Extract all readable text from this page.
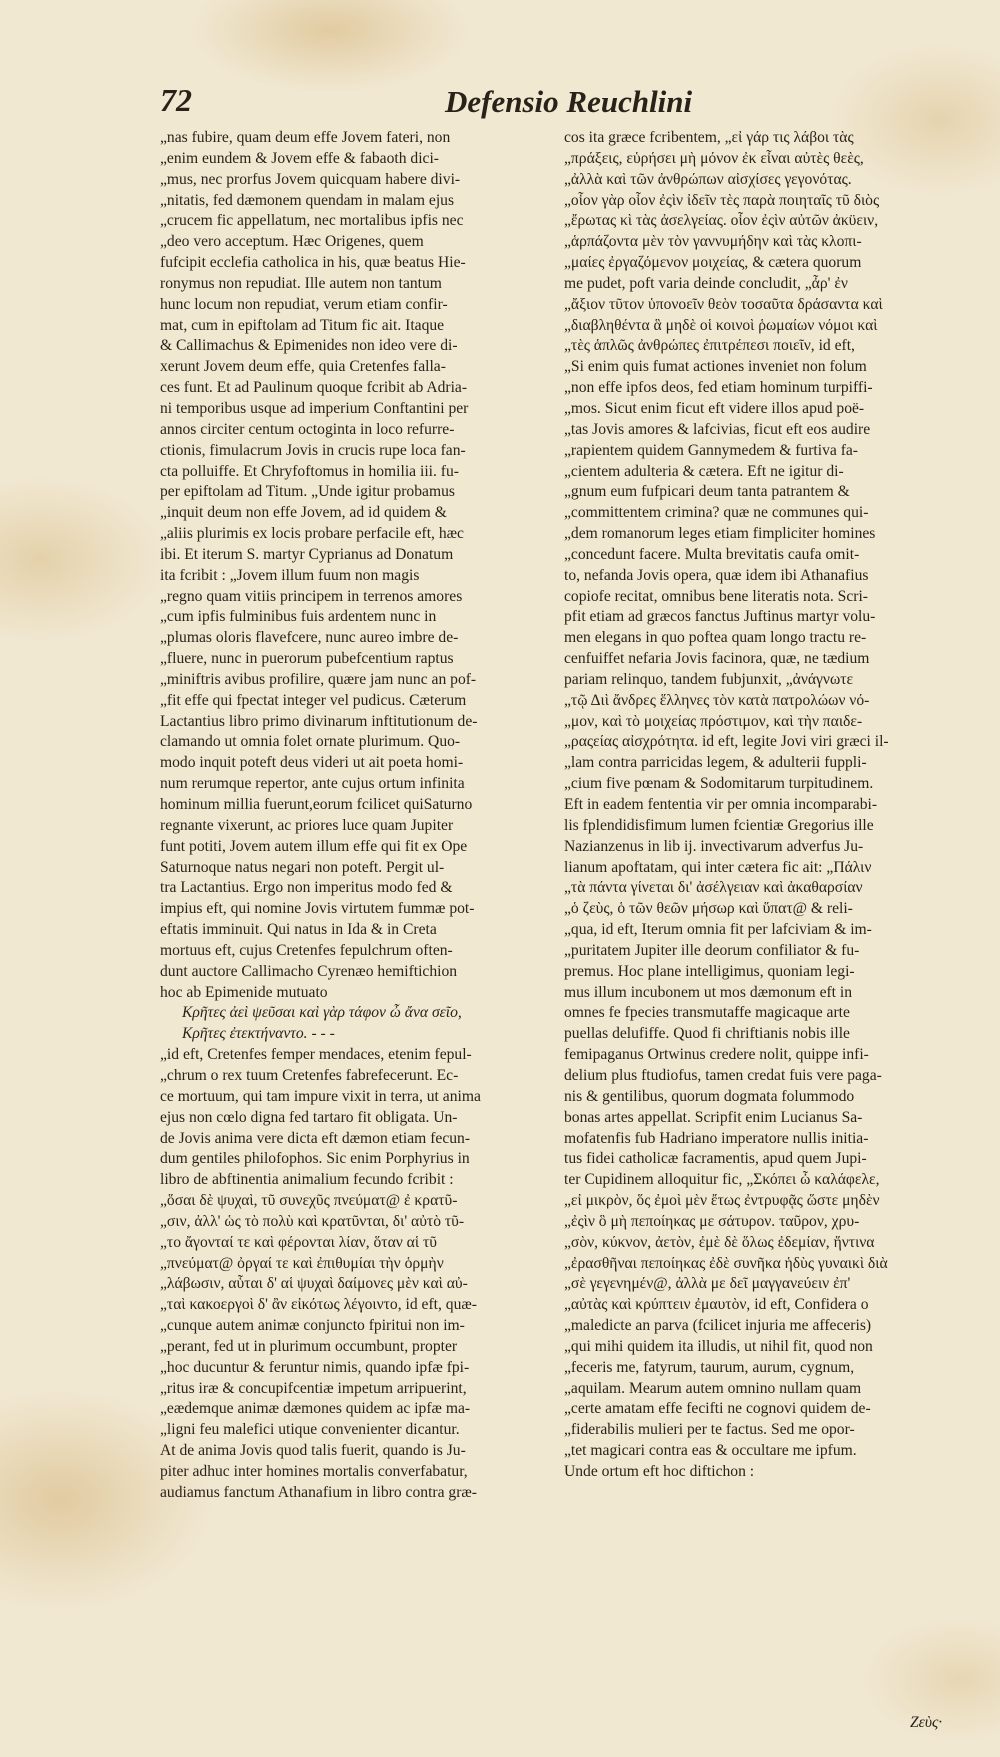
72	Defensio Reuchlini
„nas fubire, quam deum effe Jovem fateri, non
„enim eundem & Jovem effe & fabaoth dici-
„mus, nec prorfus Jovem quicquam habere divi-
„nitatis, fed dæmonem quendam in malam ejus
„crucem fic appellatum, nec mortalibus ipfis nec
„deo vero acceptum. Hæc Origenes, quem
fufcipit ecclefia catholica in his, quæ beatus Hie-
ronymus non repudiat. Ille autem non tantum
hunc locum non repudiat, verum etiam confir-
mat, cum in epiftolam ad Titum fic ait. Itaque
& Callimachus & Epimenides non ideo vere di-
xerunt Jovem deum effe, quia Cretenfes falla-
ces funt. Et ad Paulinum quoque fcribit ab Adria-
ni temporibus usque ad imperium Conftantini per
annos circiter centum octoginta in loco refurre-
ctionis, fimulacrum Jovis in crucis rupe loca fan-
cta polluiffe. Et Chryfoftomus in homilia iii. fu-
per epiftolam ad Titum. „Unde igitur probamus
„inquit deum non effe Jovem, ad id quidem &
„aliis plurimis ex locis probare perfacile eft, hæc
ibi. Et iterum S. martyr Cyprianus ad Donatum
ita fcribit : „Jovem illum fuum non magis
„regno quam vitiis principem in terrenos amores
„cum ipfis fulminibus fuis ardentem nunc in
„plumas oloris flavefcere, nunc aureo imbre de-
„fluere, nunc in puerorum pubefcentium raptus
„miniftris avibus profilire, quære jam nunc an pof-
„fit effe qui fpectat integer vel pudicus. Cæterum
Lactantius libro primo divinarum inftitutionum de-
clamando ut omnia folet ornate plurimum. Quo-
modo inquit poteft deus videri ut ait poeta homi-
num rerumque repertor, ante cujus ortum infinita
hominum millia fuerunt,eorum fcilicet quiSaturno
regnante vixerunt, ac priores luce quam Jupiter
funt potiti, Jovem autem illum effe qui fit ex Ope
Saturnoque natus negari non poteft. Pergit ul-
tra Lactantius. Ergo non imperitus modo fed &
impius eft, qui nomine Jovis virtutem fummæ pot-
eftatis imminuit. Qui natus in Ida & in Creta
mortuus eft, cujus Cretenfes fepulchrum often-
dunt auctore Callimacho Cyrenæo hemiftichion
hoc ab Epimenide mutuato
Κρῆτες ἀεὶ ψεῦσαι καὶ γὰρ τάφον ὦ ἄνα σεῖο,
Κρῆτες ἐτεκτήναντο. - - -
„id eft, Cretenfes femper mendaces, etenim fepul-
„chrum o rex tuum Cretenfes fabrefecerunt. Ec-
ce mortuum, qui tam impure vixit in terra, ut anima
ejus non cœlo digna fed tartaro fit obligata. Un-
de Jovis anima vere dicta eft dæmon etiam fecun-
dum gentiles philofophos. Sic enim Porphyrius in
libro de abftinentia animalium fecundo fcribit :
„ὅσαι δὲ ψυχαὶ, τῦ συνεχῦς πνεύματ@ ἐ κρατῦ-
„σιν, ἀλλ' ὡς τὸ πολὺ καὶ κρατῦνται, δι' αὐτὸ τῦ-
„το ἄγονταί τε καὶ φέρονται λίαν, ὅταν αἱ τῦ
„πνεύματ@ ὀργαί τε καὶ ἐπιθυμίαι τὴν ὁρμὴν
„λάβωσιν, αὗται δ' αἱ ψυχαὶ δαίμονες μὲν καὶ αὐ-
„ταὶ κακοεργοὶ δ' ἂν εἰκότως λέγοιντο, id eft, quæ-
„cunque autem animæ conjuncto fpiritui non im-
„perant, fed ut in plurimum occumbunt, propter
„hoc ducuntur & feruntur nimis, quando ipfæ fpi-
„ritus iræ & concupifcentiæ impetum arripuerint,
„eædemque animæ dæmones quidem ac ipfæ ma-
„ligni feu malefici utique convenienter dicantur.
At de anima Jovis quod talis fuerit, quando is Ju-
piter adhuc inter homines mortalis converfabatur,
audiamus fanctum Athanafium in libro contra græ-
cos ita græce fcribentem, „εἰ γάρ τις λάβοι τὰς
„πράξεις, εὑρήσει μὴ μόνον ἐκ εἶναι αὐτὲς θεὲς,
„ἀλλὰ καὶ τῶν ἀνθρώπων αἰσχίσες γεγονότας.
„οἷον γὰρ οἷον ἐςὶν ἰδεῖν τὲς παρὰ ποιηταῖς τῦ διὸς
„ἔρωτας κὶ τὰς ἀσελγείας. οἷον ἐςὶν αὐτῶν ἀκϋειν,
„ἁρπάζοντα μὲν τὸν γαννυμήδην καὶ τὰς κλοπι-
„μαίες ἐργαζόμενον μοιχείας, & cætera quorum
me pudet, poft varia deinde concludit, „ἆρ' ἐν
„ἄξιον τῦτον ὑπονοεῖν θεὸν τοσαῦτα δράσαντα καὶ
„διαβληθέντα ἃ μηδὲ οἱ κοινοὶ ῥωμαίων νόμοι καὶ
„τὲς ἁπλῶς ἀνθρώπες ἐπιτρέπεσι ποιεῖν, id eft,
„Si enim quis fumat actiones inveniet non folum
„non effe ipfos deos, fed etiam hominum turpiffi-
„mos. Sicut enim ficut eft videre illos apud poë-
„tas Jovis amores & lafcivias, ficut eft eos audire
„rapientem quidem Gannymedem & furtiva fa-
„cientem adulteria & cætera. Eft ne igitur di-
„gnum eum fufpicari deum tanta patrantem &
„committentem crimina? quæ ne communes qui-
„dem romanorum leges etiam fimpliciter homines
„concedunt facere. Multa brevitatis caufa omit-
to, nefanda Jovis opera, quæ idem ibi Athanafius
copiofe recitat, omnibus bene literatis nota. Scri-
pfit etiam ad græcos fanctus Juftinus martyr volu-
men elegans in quo poftea quam longo tractu re-
cenfuiffet nefaria Jovis facinora, quæ, ne tædium
pariam relinquo, tandem fubjunxit, „ἀνάγνωτε
„τῷ Διὶ ἄνδρες ἕλληνες τὸν κατὰ πατρολώων νό-
„μον, καὶ τὸ μοιχείας πρόστιμον, καὶ τὴν παιδε-
„ραςείας αἰσχρότητα. id eft, legite Jovi viri græci il-
„lam contra parricidas legem, & adulterii fuppli-
„cium five pœnam & Sodomitarum turpitudinem.
Eft in eadem fententia vir per omnia incomparabi-
lis fplendidisfimum lumen fcientiæ Gregorius ille
Nazianzenus in lib ij. invectivarum adverfus Ju-
lianum apoftatam, qui inter cætera fic ait: „Πάλιν
„τὰ πάντα γίνεται δι' ἀσέλγειαν καὶ ἀκαθαρσίαν
„ὁ ζεὺς, ὁ τῶν θεῶν μήσωρ καὶ ὕπατ@ & reli-
„qua, id eft, Iterum omnia fit per lafciviam & im-
„puritatem Jupiter ille deorum confiliator & fu-
premus. Hoc plane intelligimus, quoniam legi-
mus illum incubonem ut mos dæmonum eft in
omnes fe fpecies transmutaffe magicaque arte
puellas delufiffe. Quod fi chriftianis nobis ille
femipaganus Ortwinus credere nolit, quippe infi-
delium plus ftudiofus, tamen credat fuis vere paga-
nis & gentilibus, quorum dogmata folummodo
bonas artes appellat. Scripfit enim Lucianus Sa-
mofatenfis fub Hadriano imperatore nullis initia-
tus fidei catholicæ facramentis, apud quem Jupi-
ter Cupidinem alloquitur fic, „Σκόπει ὦ καλάφελε,
„εἰ μικρὸν, ὅς ἐμοὶ μὲν ἔτως ἐντρυφᾷς ὥστε μηδὲν
„ἐςὶν ὃ μὴ πεποίηκας με σάτυρον. ταῦρον, χρυ-
„σὸν, κύκνον, ἀετὸν, ἐμὲ δὲ ὅλως ἐδεμίαν, ἥντινα
„ἐρασθῆναι πεποίηκας ἐδὲ συνῆκα ἡδὺς γυναικὶ διὰ
„σὲ γεγενημέν@, ἀλλὰ με δεῖ μαγγανεύειν ἐπ'
„αὐτὰς καὶ κρύπτειν ἐμαυτὸν, id eft, Confidera o
„maledicte an parva (fcilicet injuria me affeceris)
„qui mihi quidem ita illudis, ut nihil fit, quod non
„feceris me, fatyrum, taurum, aurum, cygnum,
„aquilam. Mearum autem omnino nullam quam
„certe amatam effe fecifti ne cognovi quidem de-
„fiderabilis mulieri per te factus. Sed me opor-
„tet magicari contra eas & occultare me ipfum.
Unde ortum eft hoc diftichon :
Ζεὺς·
